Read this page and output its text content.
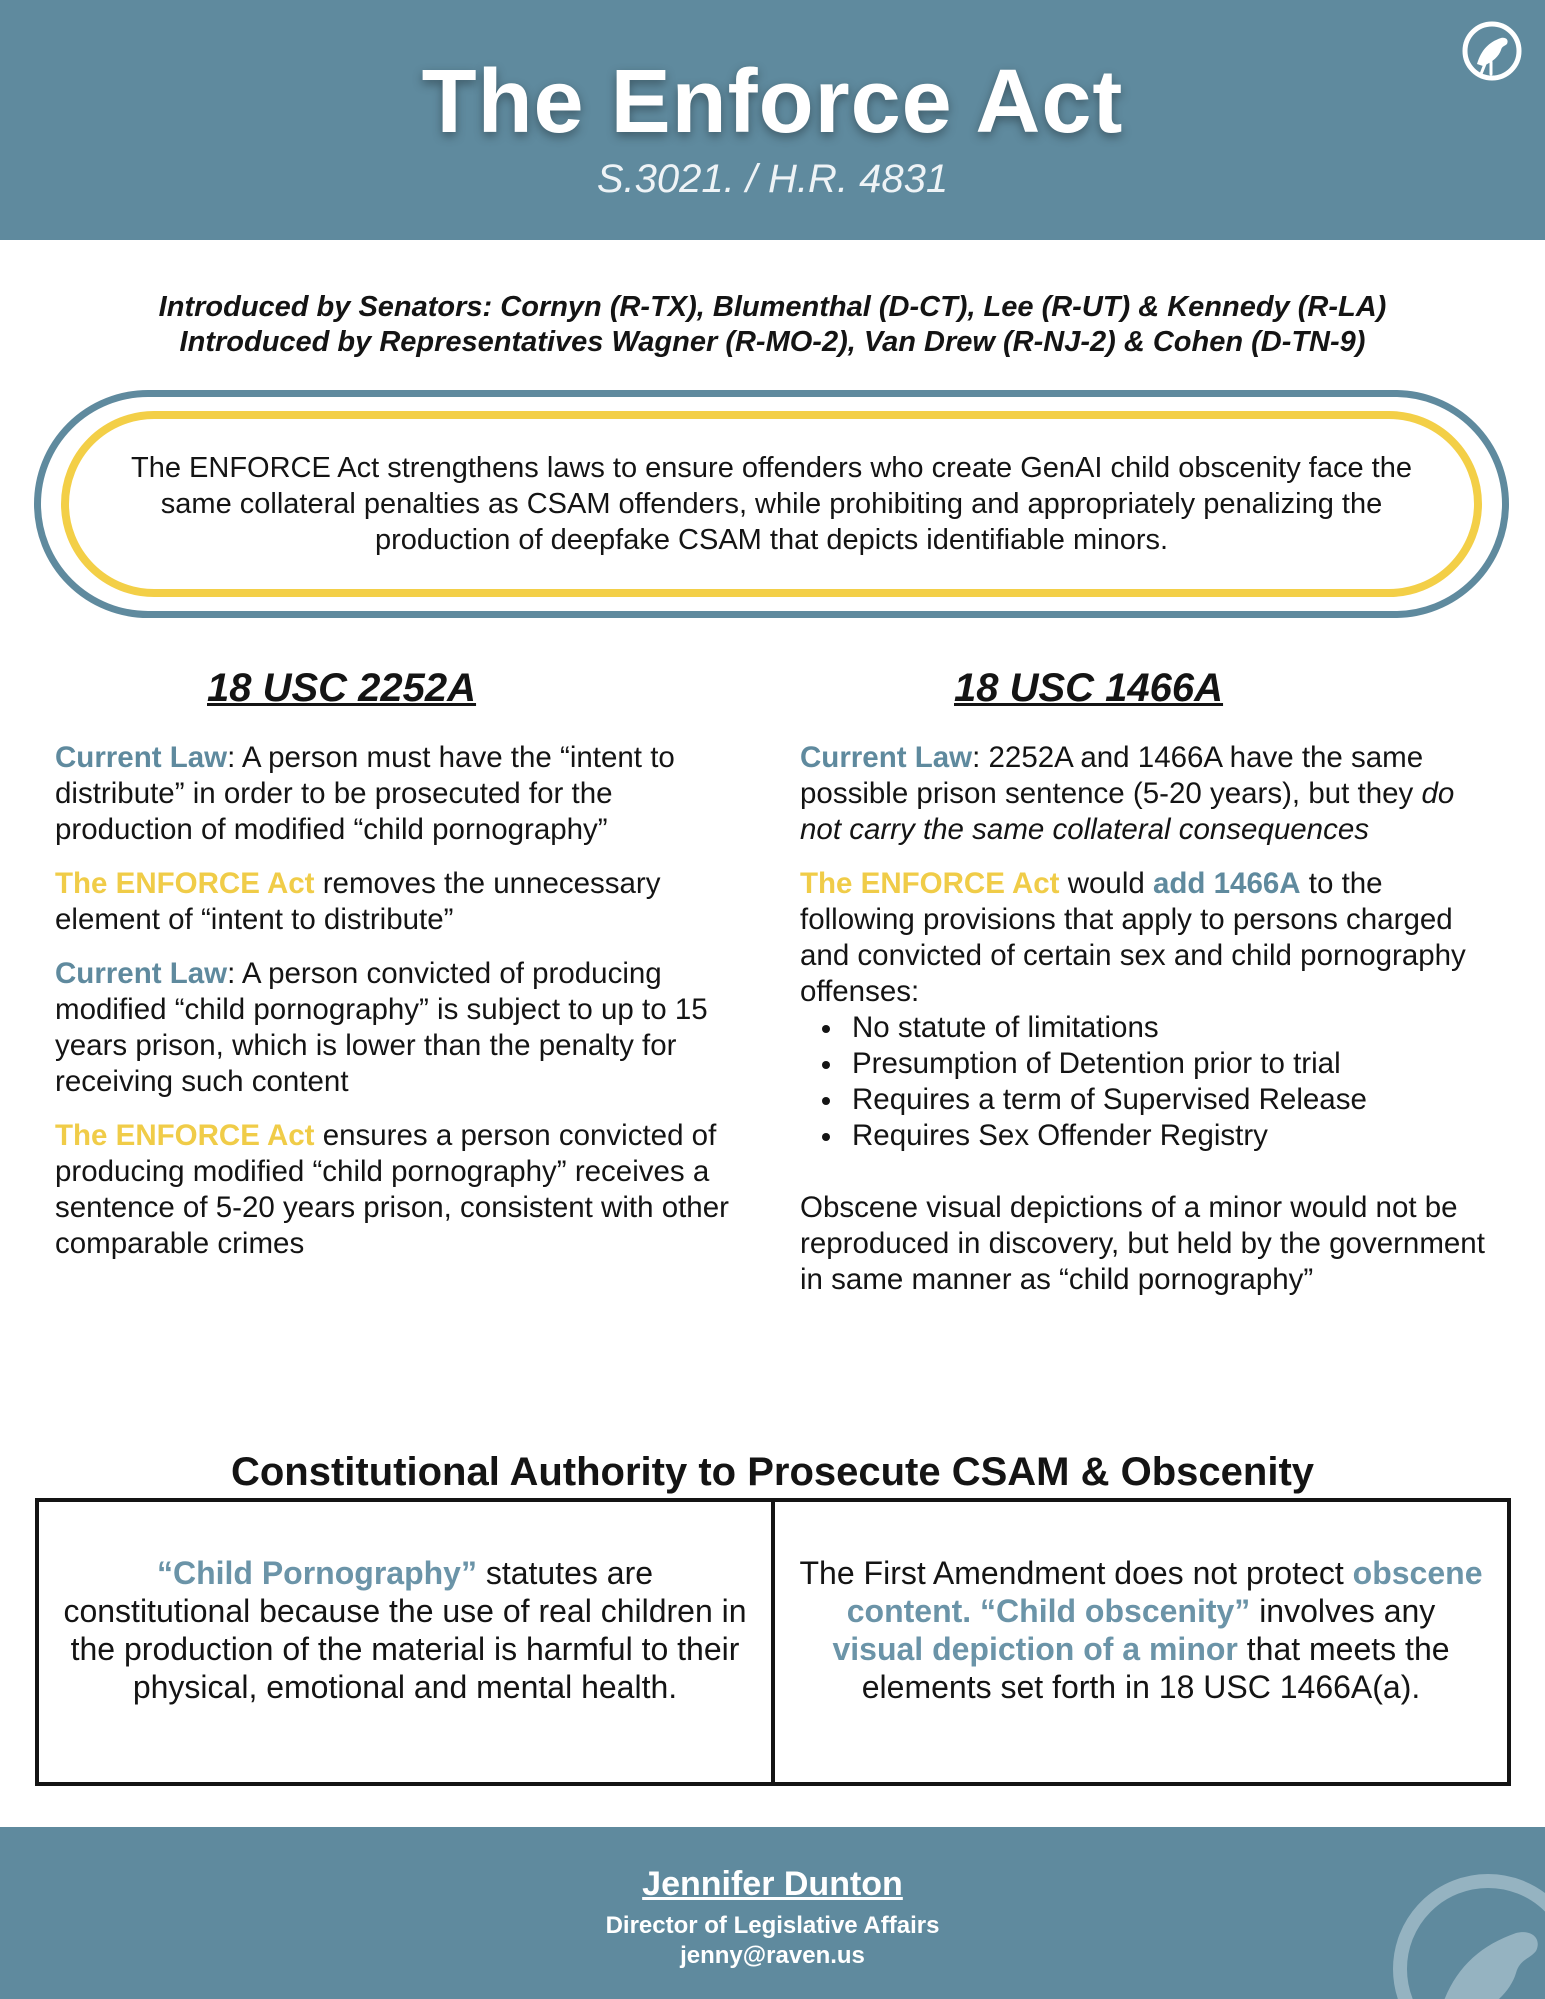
The Enforce Act
S.3021. / H.R. 4831
Introduced by Senators: Cornyn (R-TX), Blumenthal (D-CT), Lee (R-UT) & Kennedy (R-LA)
Introduced by Representatives Wagner (R-MO-2), Van Drew (R-NJ-2) & Cohen (D-TN-9)

The ENFORCE Act strengthens laws to ensure offenders who create GenAI child obscenity face the same collateral penalties as CSAM offenders, while prohibiting and appropriately penalizing the production of deepfake CSAM that depicts identifiable minors.

18 USC 2252A

Current Law: A person must have the “intent to distribute” in order to be prosecuted for the production of modified “child pornography”

The ENFORCE Act removes the unnecessary element of “intent to distribute”

Current Law: A person convicted of producing modified “child pornography” is subject to up to 15 years prison, which is lower than the penalty for receiving such content

The ENFORCE Act ensures a person convicted of producing modified “child pornography” receives a sentence of 5-20 years prison, consistent with other comparable crimes

18 USC 1466A

Current Law: 2252A and 1466A have the same possible prison sentence (5-20 years), but they do not carry the same collateral consequences

The ENFORCE Act would add 1466A to the following provisions that apply to persons charged and convicted of certain sex and child pornography offenses:

No statute of limitations
Presumption of Detention prior to trial
Requires a term of Supervised Release
Requires Sex Offender Registry

Obscene visual depictions of a minor would not be reproduced in discovery, but held by the government in same manner as “child pornography”

Constitutional Authority to Prosecute CSAM & Obscenity

“Child Pornography” statutes are constitutional because the use of real children in the production of the material is harmful to their physical, emotional and mental health.

The First Amendment does not protect obscene content. “Child obscenity” involves any visual depiction of a minor that meets the elements set forth in 18 USC 1466A(a).

Jennifer Dunton
Director of Legislative Affairs
jenny@raven.us
